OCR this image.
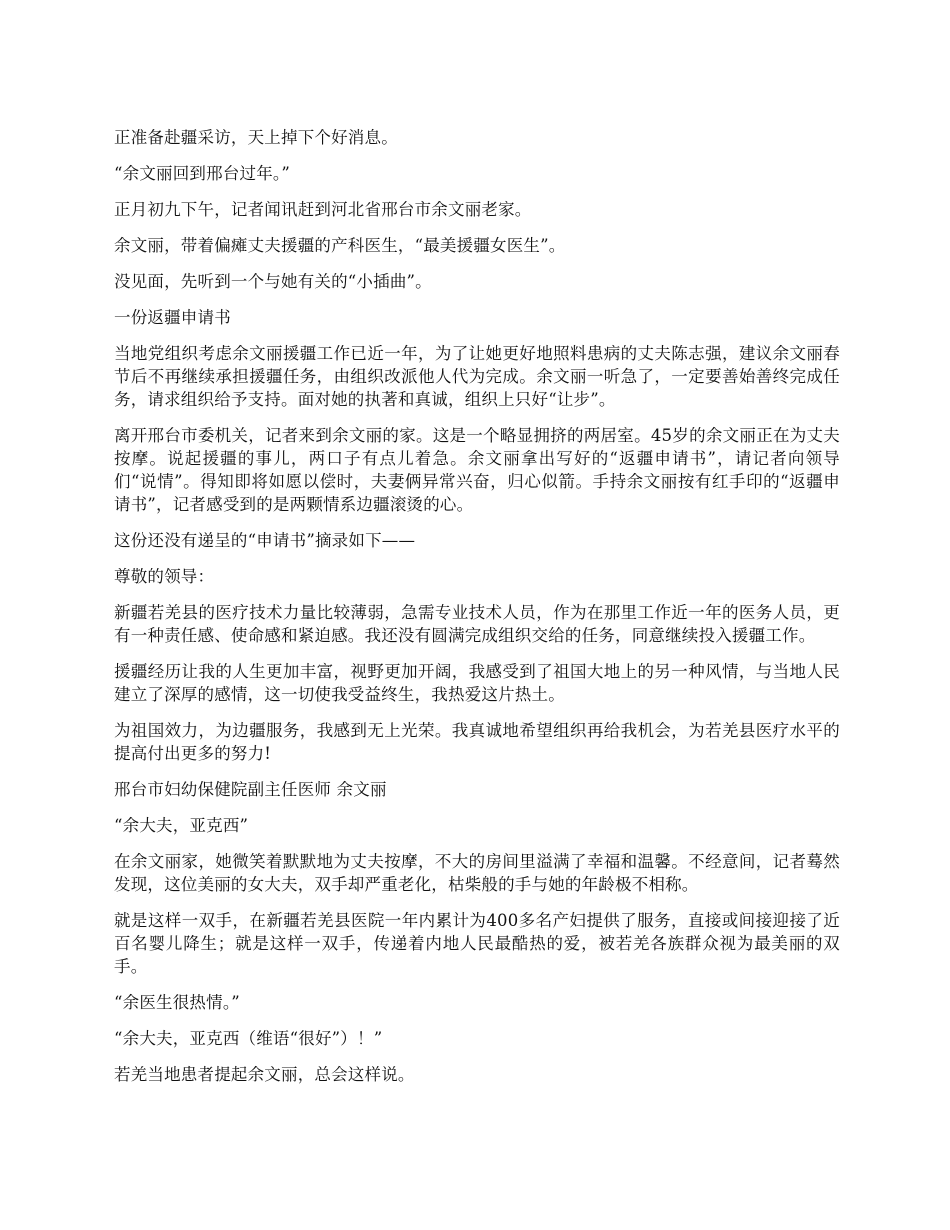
正准备赴疆采访，天上掉下个好消息。

“余文丽回到邢台过年。”

正月初九下午，记者闻讯赶到河北省邢台市余文丽老家。

余文丽，带着偏瘫丈夫援疆的产科医生，“最美援疆女医生”。

没见面，先听到一个与她有关的“小插曲”。

一份返疆申请书

当地党组织考虑余文丽援疆工作已近一年，为了让她更好地照料患病的丈夫陈志强，建议余文丽春节后不再继续承担援疆任务，由组织改派他人代为完成。余文丽一听急了，一定要善始善终完成任务，请求组织给予支持。面对她的执著和真诚，组织上只好“让步”。

离开邢台市委机关，记者来到余文丽的家。这是一个略显拥挤的两居室。45岁的余文丽正在为丈夫按摩。说起援疆的事儿，两口子有点儿着急。余文丽拿出写好的“返疆申请书”，请记者向领导们“说情”。得知即将如愿以偿时，夫妻俩异常兴奋，归心似箭。手持余文丽按有红手印的“返疆申请书”，记者感受到的是两颗情系边疆滚烫的心。

这份还没有递呈的“申请书”摘录如下——

尊敬的领导：

新疆若羌县的医疗技术力量比较薄弱，急需专业技术人员，作为在那里工作近一年的医务人员，更有一种责任感、使命感和紧迫感。我还没有圆满完成组织交给的任务，同意继续投入援疆工作。

援疆经历让我的人生更加丰富，视野更加开阔，我感受到了祖国大地上的另一种风情，与当地人民建立了深厚的感情，这一切使我受益终生，我热爱这片热土。

为祖国效力，为边疆服务，我感到无上光荣。我真诚地希望组织再给我机会，为若羌县医疗水平的提高付出更多的努力!

邢台市妇幼保健院副主任医师 余文丽

“余大夫，亚克西”

在余文丽家，她微笑着默默地为丈夫按摩，不大的房间里溢满了幸福和温馨。不经意间，记者蓦然发现，这位美丽的女大夫，双手却严重老化，枯柴般的手与她的年龄极不相称。

就是这样一双手，在新疆若羌县医院一年内累计为400多名产妇提供了服务，直接或间接迎接了近百名婴儿降生；就是这样一双手，传递着内地人民最酷热的爱，被若羌各族群众视为最美丽的双手。

“余医生很热情。”

“余大夫，亚克西（维语“很好”）！”

若羌当地患者提起余文丽，总会这样说。
